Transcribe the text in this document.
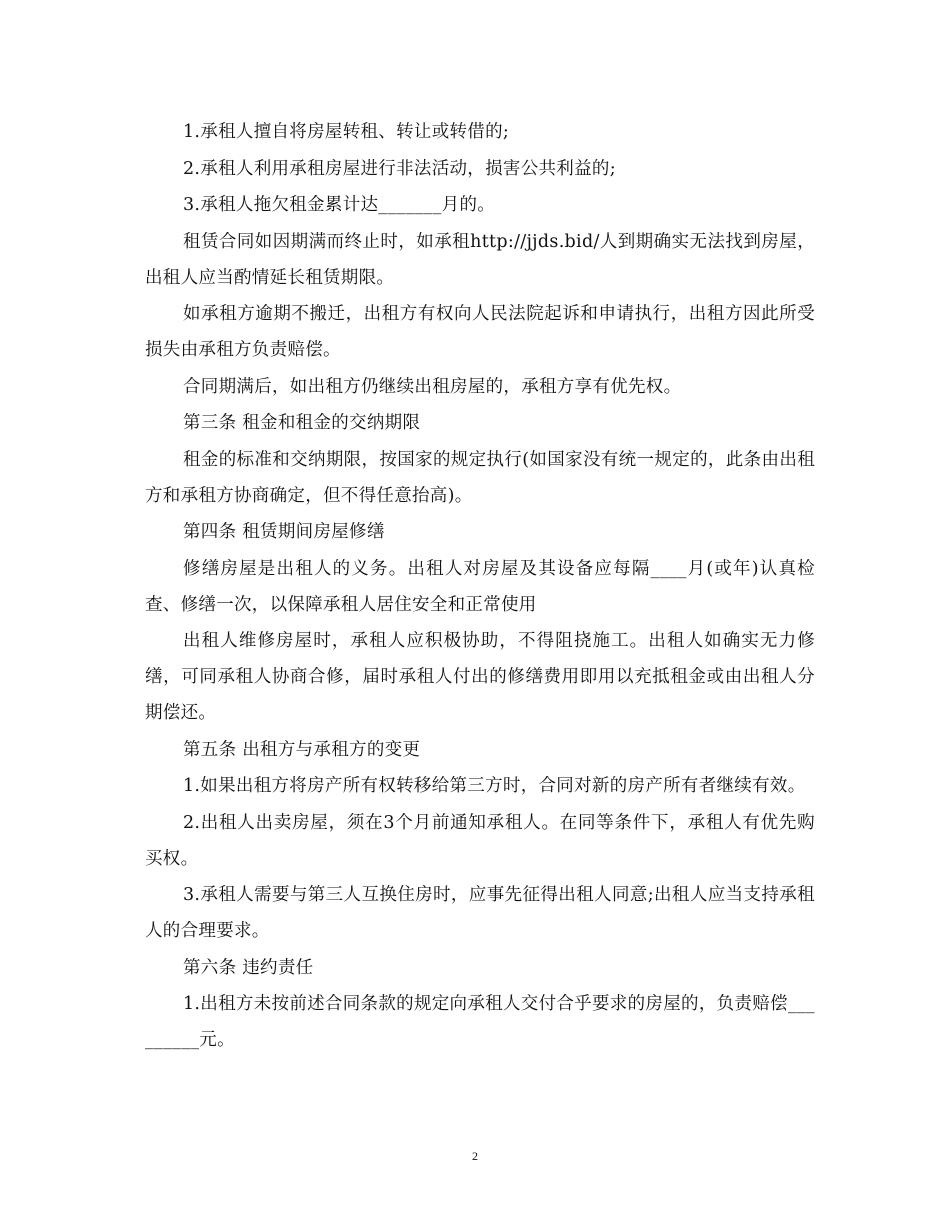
1.承租人擅自将房屋转租、转让或转借的;

2.承租人利用承租房屋进行非法活动，损害公共利益的;

3.承租人拖欠租金累计达_______月的。

租赁合同如因期满而终止时，如承租http://jjds.bid/人到期确实无法找到房屋，出租人应当酌情延长租赁期限。

如承租方逾期不搬迁，出租方有权向人民法院起诉和申请执行，出租方因此所受损失由承租方负责赔偿。

合同期满后，如出租方仍继续出租房屋的，承租方享有优先权。

第三条 租金和租金的交纳期限

租金的标准和交纳期限，按国家的规定执行(如国家没有统一规定的，此条由出租方和承租方协商确定，但不得任意抬高)。

第四条 租赁期间房屋修缮

修缮房屋是出租人的义务。出租人对房屋及其设备应每隔____月(或年)认真检查、修缮一次，以保障承租人居住安全和正常使用

出租人维修房屋时，承租人应积极协助，不得阻挠施工。出租人如确实无力修缮，可同承租人协商合修，届时承租人付出的修缮费用即用以充抵租金或由出租人分期偿还。

第五条 出租方与承租方的变更

1.如果出租方将房产所有权转移给第三方时，合同对新的房产所有者继续有效。

2.出租人出卖房屋，须在3个月前通知承租人。在同等条件下，承租人有优先购买权。

3.承租人需要与第三人互换住房时，应事先征得出租人同意;出租人应当支持承租人的合理要求。

第六条 违约责任

1.出租方未按前述合同条款的规定向承租人交付合乎要求的房屋的，负责赔偿_________元。

2
